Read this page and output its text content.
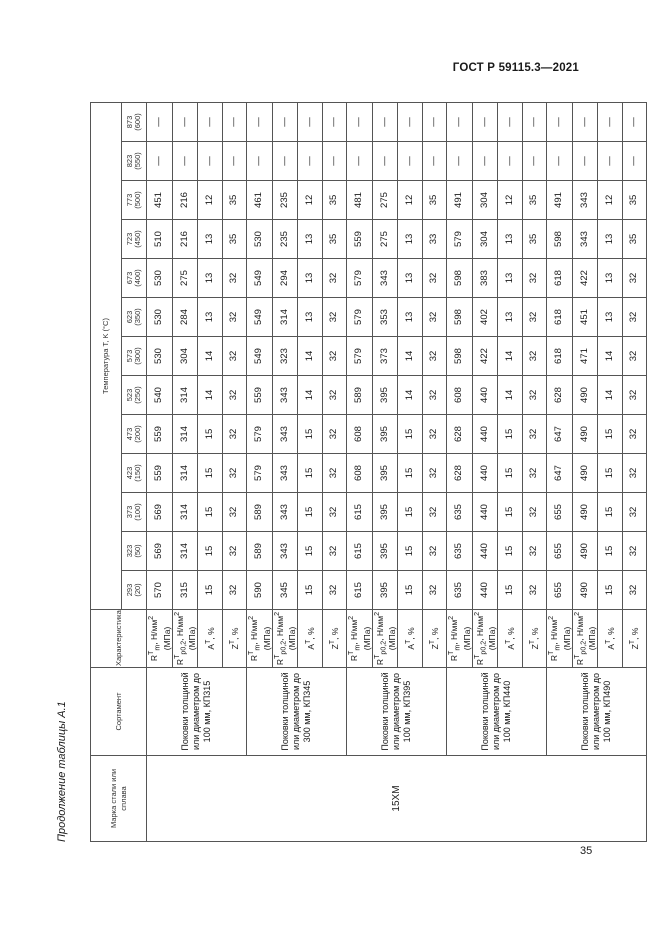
ГОСТ Р 59115.3—2021
Продолжение таблицы А.1	Марка стали или сплава	Сортамент	Характеристика	Температура T, K (°C)												
			293
(20)	323
(50)	373
(100)	423
(150)	473
(200)	523
(250)	573
(300)	623
(350)	673
(400)	723
(450)	773
(500)	823
(550)	873
(600)
15ХМ	Поковки толщиной или диаметром до 100 мм, КП315	$R^T_m$, $Н/мм^2$
(МПа)	570	569	569	559	559	540	530	530	530	510	451	—	—
		$R^T_{p0,2}$, $Н/мм^2$
(МПа)	315	314	314	314	314	314	304	284	275	216	216	—	—
		$A^T$, %	15	15	15	15	15	14	14	13	13	13	12	—	—
		$Z^T$, %	32	32	32	32	32	32	32	32	32	35	35	—	—
	Поковки толщиной или диаметром до 300 мм, КП345	$R^T_m$, $Н/мм^2$
(МПа)	590	589	589	579	579	559	549	549	549	530	461	—	—
		$R^T_{p0,2}$, $Н/мм^2$
(МПа)	345	343	343	343	343	343	323	314	294	235	235	—	—
		$A^T$, %	15	15	15	15	15	14	14	13	13	13	12	—	—
		$Z^T$, %	32	32	32	32	32	32	32	32	32	35	35	—	—
	Поковки толщиной или диаметром до 100 мм, КП395	$R^T_m$, $Н/мм^2$
(МПа)	615	615	615	608	608	589	579	579	579	559	481	—	—
		$R^T_{p0,2}$, $Н/мм^2$
(МПа)	395	395	395	395	395	395	373	353	343	275	275	—	—
		$A^T$, %	15	15	15	15	15	14	14	13	13	13	12	—	—
		$Z^T$, %	32	32	32	32	32	32	32	32	32	33	35	—	—
	Поковки толщиной или диаметром до 100 мм, КП440	$R^T_m$, $Н/мм^2$
(МПа)	635	635	635	628	628	608	598	598	598	579	491	—	—
		$R^T_{p0,2}$, $Н/мм^2$
(МПа)	440	440	440	440	440	440	422	402	383	304	304	—	—
		$A^T$, %	15	15	15	15	15	14	14	13	13	13	12	—	—
		$Z^T$, %	32	32	32	32	32	32	32	32	32	35	35	—	—
	Поковки толщиной или диаметром до 100 мм, КП490	$R^T_m$, $Н/мм^2$
(МПа)	655	655	655	647	647	628	618	618	618	598	491	—	—
		$R^T_{p0,2}$, $Н/мм^2$
(МПа)	490	490	490	490	490	490	471	451	422	343	343	—	—
		$A^T$, %	15	15	15	15	15	14	14	13	13	13	12	—	—
		$Z^T$, %	32	32	32	32	32	32	32	32	32	35	35	—	—
35
